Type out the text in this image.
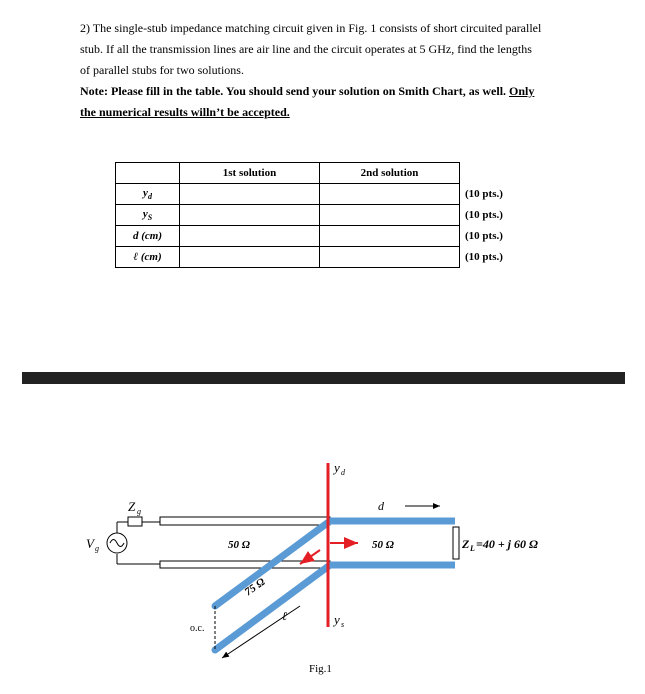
2) The single-stub impedance matching circuit given in Fig. 1 consists of short circuited parallel

stub. If all the transmission lines are air line and the circuit operates at 5 GHz, find the lengths

of parallel stubs for two solutions.

Note: Please fill in the table. You should send your solution on Smith Chart, as well. Only

the numerical results willn’t be accepted.

	1st solution	2nd solution	
$y_d$			(10 pts.)
$y_S$			(10 pts.)
d (cm)			(10 pts.)
ℓ (cm)			(10 pts.)
Z g
V g
o.c.
y d
y s
d
50 Ω	50 Ω
75 Ω
ℓ
Z L =40 + j 60 Ω
Fig.1
